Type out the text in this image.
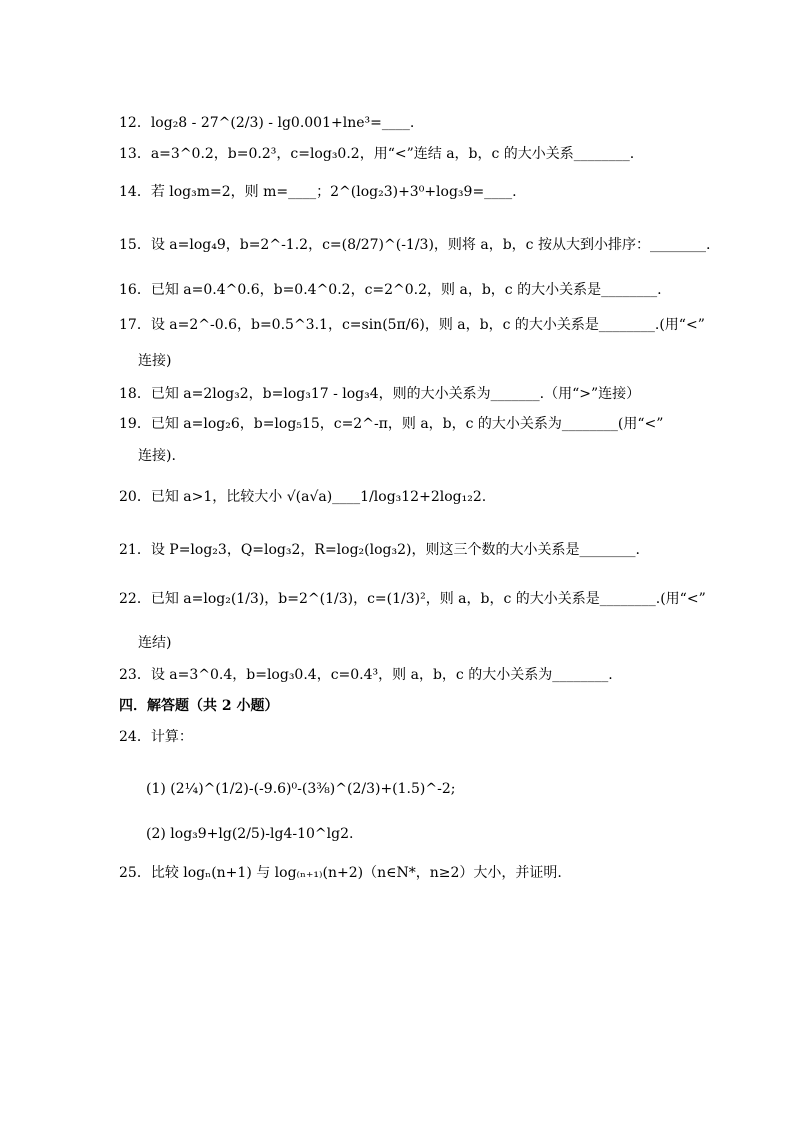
12．log₂8 - 27^(2/3) - lg0.001+lne³=____.
13．a=3^0.2，b=0.2³，c=log₃0.2，用“<”连结 a，b，c 的大小关系________.
14．若 log₃m=2，则 m=____；2^(log₂3)+3⁰+log₃9=____.
15．设 a=log₄9，b=2^-1.2，c=(8/27)^(-1/3)，则将 a，b，c 按从大到小排序：________.
16．已知 a=0.4^0.6，b=0.4^0.2，c=2^0.2，则 a，b，c 的大小关系是________.
17．设 a=2^-0.6，b=0.5^3.1，c=sin(5π/6)，则 a，b，c 的大小关系是________.(用“<”
连接)
18．已知 a=2log₃2，b=log₃17 - log₃4，则的大小关系为_______.（用“>”连接）
19．已知 a=log₂6，b=log₅15，c=2^-π，则 a，b，c 的大小关系为________(用“<”
连接).
20．已知 a>1，比较大小 √(a√a)____1/log₃12+2log₁₂2.
21．设 P=log₂3，Q=log₃2，R=log₂(log₃2)，则这三个数的大小关系是________.
22．已知 a=log₂(1/3)，b=2^(1/3)，c=(1/3)²，则 a，b，c 的大小关系是________.(用“<”
连结)
23．设 a=3^0.4，b=log₃0.4，c=0.4³，则 a，b，c 的大小关系为________.
四．解答题（共 2 小题）
24．计算：
(1) (2¼)^(1/2)-(-9.6)⁰-(3⅜)^(2/3)+(1.5)^-2;
(2) log₃9+lg(2/5)-lg4-10^lg2.
25．比较 logₙ(n+1) 与 log₍ₙ₊₁₎(n+2)（n∈N*，n≥2）大小，并证明.
